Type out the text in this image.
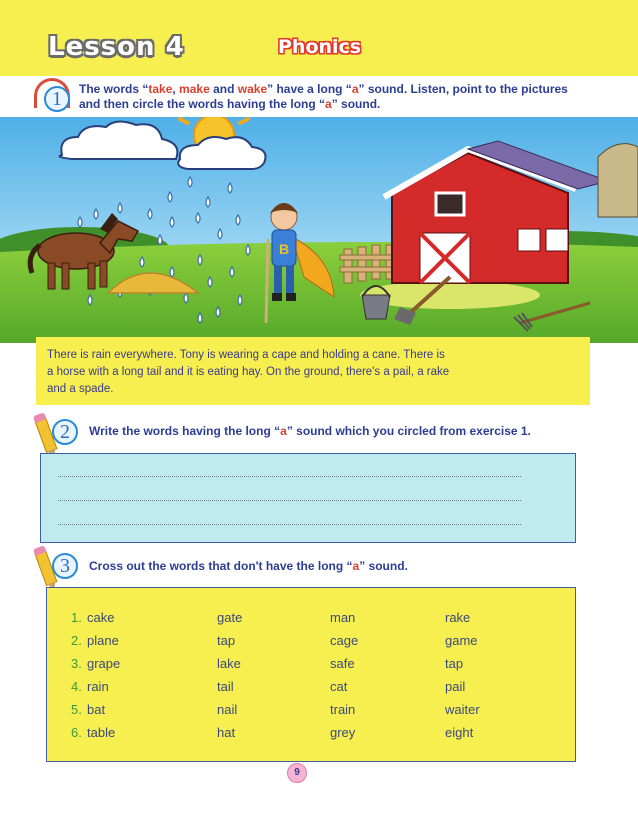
Lesson 4	Phonics
1	The words “take, make and wake” have a long “a” sound. Listen, point to the pictures
and then circle the words having the long “a” sound.
B
There is rain everywhere. Tony is wearing a cape and holding a cane. There is
a horse with a long tail and it is eating hay. On the ground, there's a pail, a rake
and a spade.
2	Write the words having the long “a” sound which you circled from exercise 1.
3	Cross out the words that don't have the long “a” sound.
1. cake	gate	man	rake
2. plane	tap	cage	game
3. grape	lake	safe	tap
4. rain	tail	cat	pail
5. bat	nail	train	waiter
6. table	hat	grey	eight
9
